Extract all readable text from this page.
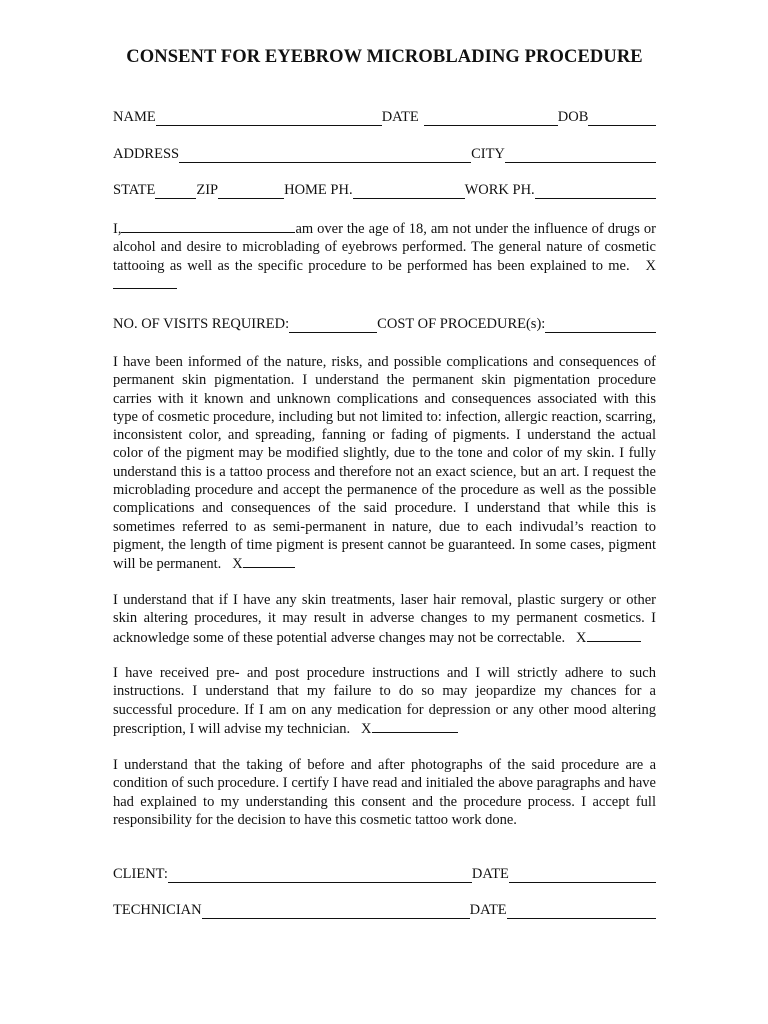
CONSENT FOR EYEBROW MICROBLADING PROCEDURE
NAME	DATE	DOB
ADDRESS	CITY
STATE	ZIP	HOME PH.	WORK PH.
I,	am over the age of 18, am not under the influence of drugs or alcohol and desire to microblading of eyebrows performed. The general nature of cosmetic tattooing as well as the specific procedure to be performed has been explained to me. X
NO. OF VISITS REQUIRED:	COST OF PROCEDURE(s):
I have been informed of the nature, risks, and possible complications and consequences of permanent skin pigmentation. I understand the permanent skin pigmentation procedure carries with it known and unknown complications and consequences associated with this type of cosmetic procedure, including but not limited to: infection, allergic reaction, scarring, inconsistent color, and spreading, fanning or fading of pigments. I understand the actual color of the pigment may be modified slightly, due to the tone and color of my skin. I fully understand this is a tattoo process and therefore not an exact science, but an art. I request the microblading procedure and accept the permanence of the procedure as well as the possible complications and consequences of the said procedure. I understand that while this is sometimes referred to as semi-permanent in nature, due to each indivudal’s reaction to pigment, the length of time pigment is present cannot be guaranteed. In some cases, pigment will be permanent. X
I understand that if I have any skin treatments, laser hair removal, plastic surgery or other skin altering procedures, it may result in adverse changes to my permanent cosmetics. I acknowledge some of these potential adverse changes may not be correctable. X
I have received pre- and post procedure instructions and I will strictly adhere to such instructions. I understand that my failure to do so may jeopardize my chances for a successful procedure. If I am on any medication for depression or any other mood altering prescription, I will advise my technician. X
I understand that the taking of before and after photographs of the said procedure are a condition of such procedure. I certify I have read and initialed the above paragraphs and have had explained to my understanding this consent and the procedure process. I accept full responsibility for the decision to have this cosmetic tattoo work done.
CLIENT:	DATE
TECHNICIAN	DATE
